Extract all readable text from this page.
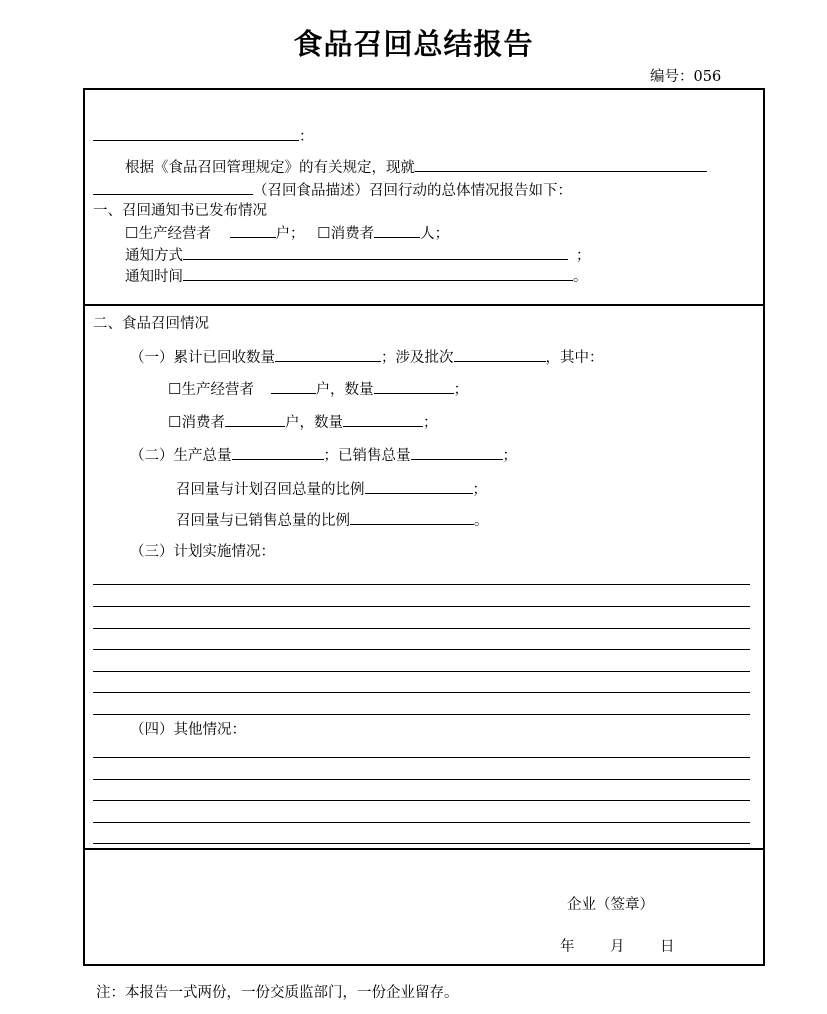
食品召回总结报告
编号：056
：
根据《食品召回管理规定》的有关规定，现就
（召回食品描述）召回行动的总体情况报告如下：
一、召回通知书已发布情况
☐生产经营者	户； ☐消费者	人；
通知方式	；
通知时间	。
二、食品召回情况
（一）累计已回收数量	；涉及批次	，其中：
☐生产经营者	户，数量	；
☐消费者	户，数量	；
（二）生产总量	；已销售总量	；
召回量与计划召回总量的比例	；
召回量与已销售总量的比例	。
（三）计划实施情况：
（四）其他情况：
企业（签章）
年 月 日
注：本报告一式两份，一份交质监部门，一份企业留存。
